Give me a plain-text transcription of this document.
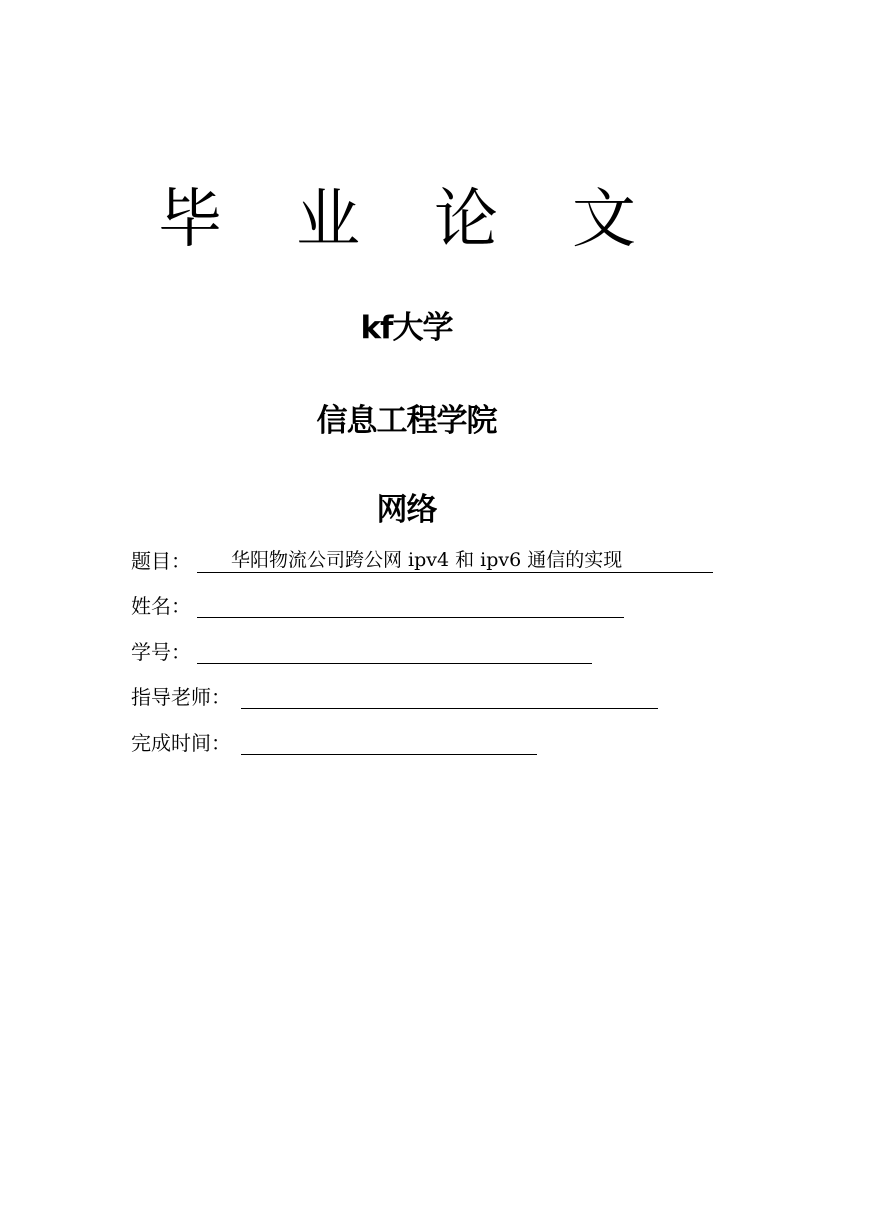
毕 业 论 文
kf大学
信息工程学院
网络
题目： 华阳物流公司跨公网 ipv4 和 ipv6 通信的实现
姓名：
学号：
指导老师：
完成时间：
